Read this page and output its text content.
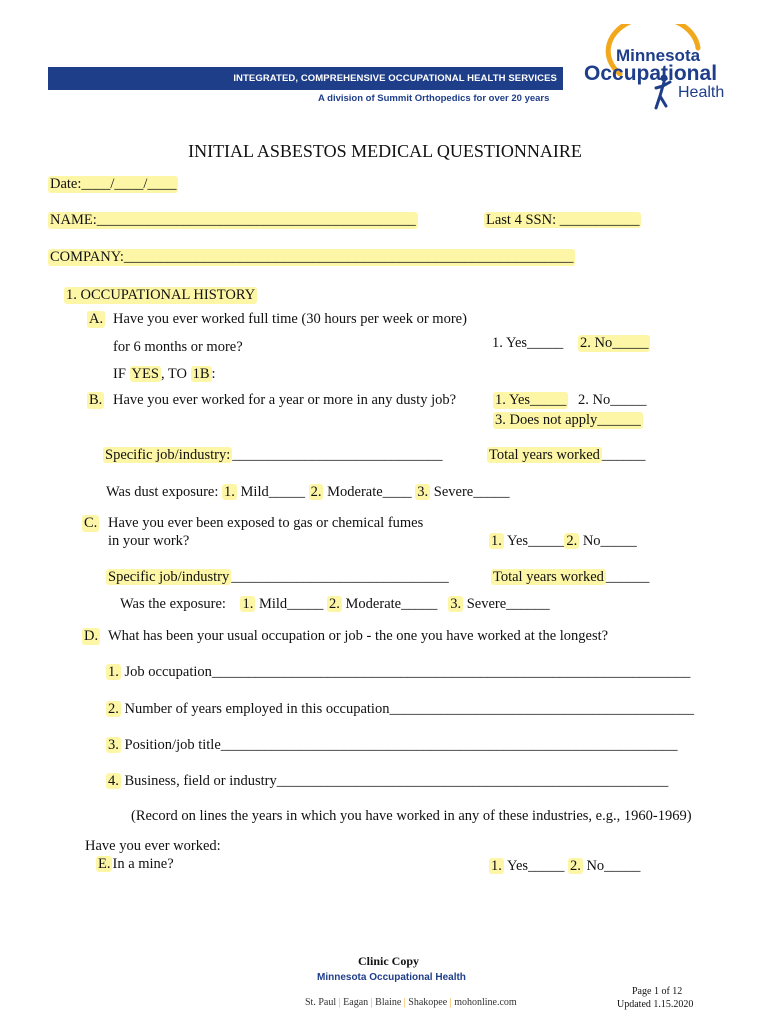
INTEGRATED, COMPREHENSIVE OCCUPATIONAL HEALTH SERVICES
A division of Summit Orthopedics for over 20 years
Minnesota
Occupational
Health
INITIAL ASBESTOS MEDICAL QUESTIONNAIRE
Date:____/____/____
NAME:____________________________________________	Last 4 SSN: ___________
COMPANY:______________________________________________________________
1. OCCUPATIONAL HISTORY
A. Have you ever worked full time (30 hours per week or more)
for 6 months or more?	1. Yes_____ 2. No_____
IF YES , TO 1B :
B. Have you ever worked for a year or more in any dusty job?	1. Yes_____ 2. No_____
3. Does not apply______
Specific job/industry: _____________________________	Total years worked ______
Was dust exposure: 1. Mild_____ 2. Moderate____ 3. Severe_____
C. Have you ever been exposed to gas or chemical fumes
in your work?	1. Yes_____ 2. No_____
Specific job/industry ______________________________	Total years worked ______
Was the exposure: 1. Mild_____ 2. Moderate_____ 3. Severe______
D. What has been your usual occupation or job - the one you have worked at the longest?
1. Job occupation__________________________________________________________________
2. Number of years employed in this occupation__________________________________________
3. Position/job title_______________________________________________________________
4. Business, field or industry______________________________________________________
(Record on lines the years in which you have worked in any of these industries, e.g., 1960-1969)
Have you ever worked:
E. In a mine?	1. Yes_____ 2. No_____
Clinic Copy
Minnesota Occupational Health
St. Paul | Eagan | Blaine | Shakopee | mohonline.com
Page 1 of 12
Updated 1.15.2020
